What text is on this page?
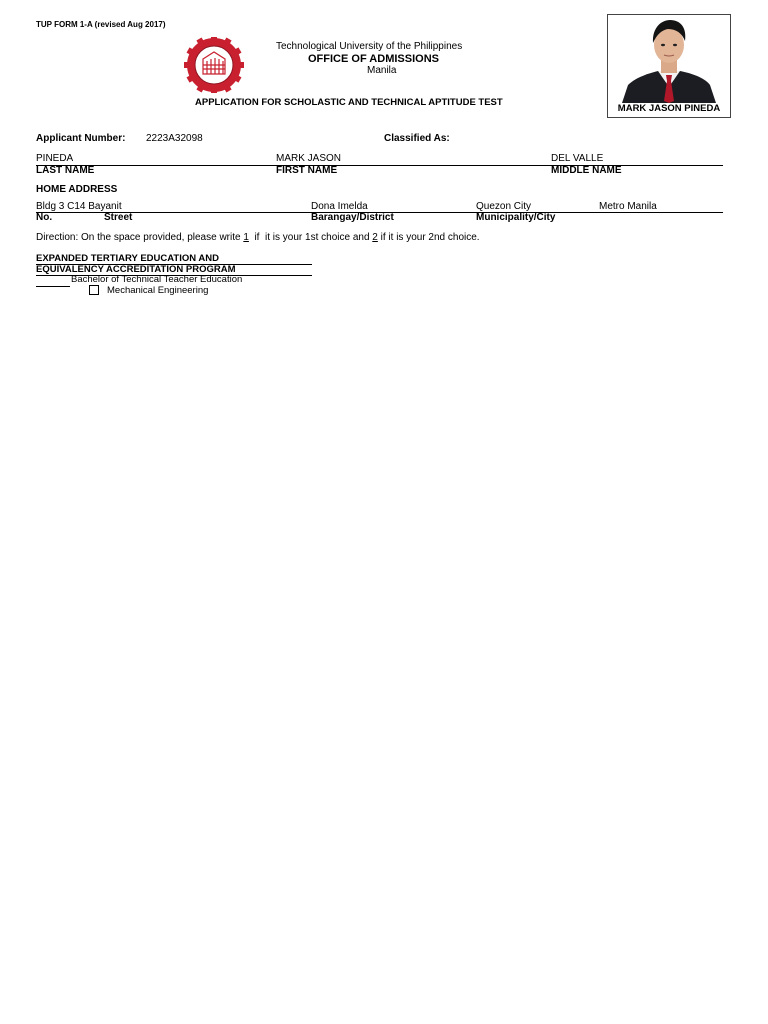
TUP FORM 1-A (revised Aug 2017)
Technological University of the Philippines
OFFICE OF ADMISSIONS
Manila
APPLICATION FOR SCHOLASTIC AND TECHNICAL APTITUDE TEST
MARK JASON PINEDA
Applicant Number: 2223A32098	Classified As:
PINEDA	MARK JASON	DEL VALLE
LAST NAME	FIRST NAME	MIDDLE NAME
HOME ADDRESS
Bldg 3 C14 Bayanit	Dona Imelda	Quezon City	Metro Manila
No.	Street	Barangay/District	Municipality/City
Direction: On the space provided, please write 1  if  it is your 1st choice and 2 if it is your 2nd choice.
EXPANDED TERTIARY EDUCATION AND
EQUIVALENCY ACCREDITATION PROGRAM
Bachelor of Technical Teacher Education
Mechanical Engineering
